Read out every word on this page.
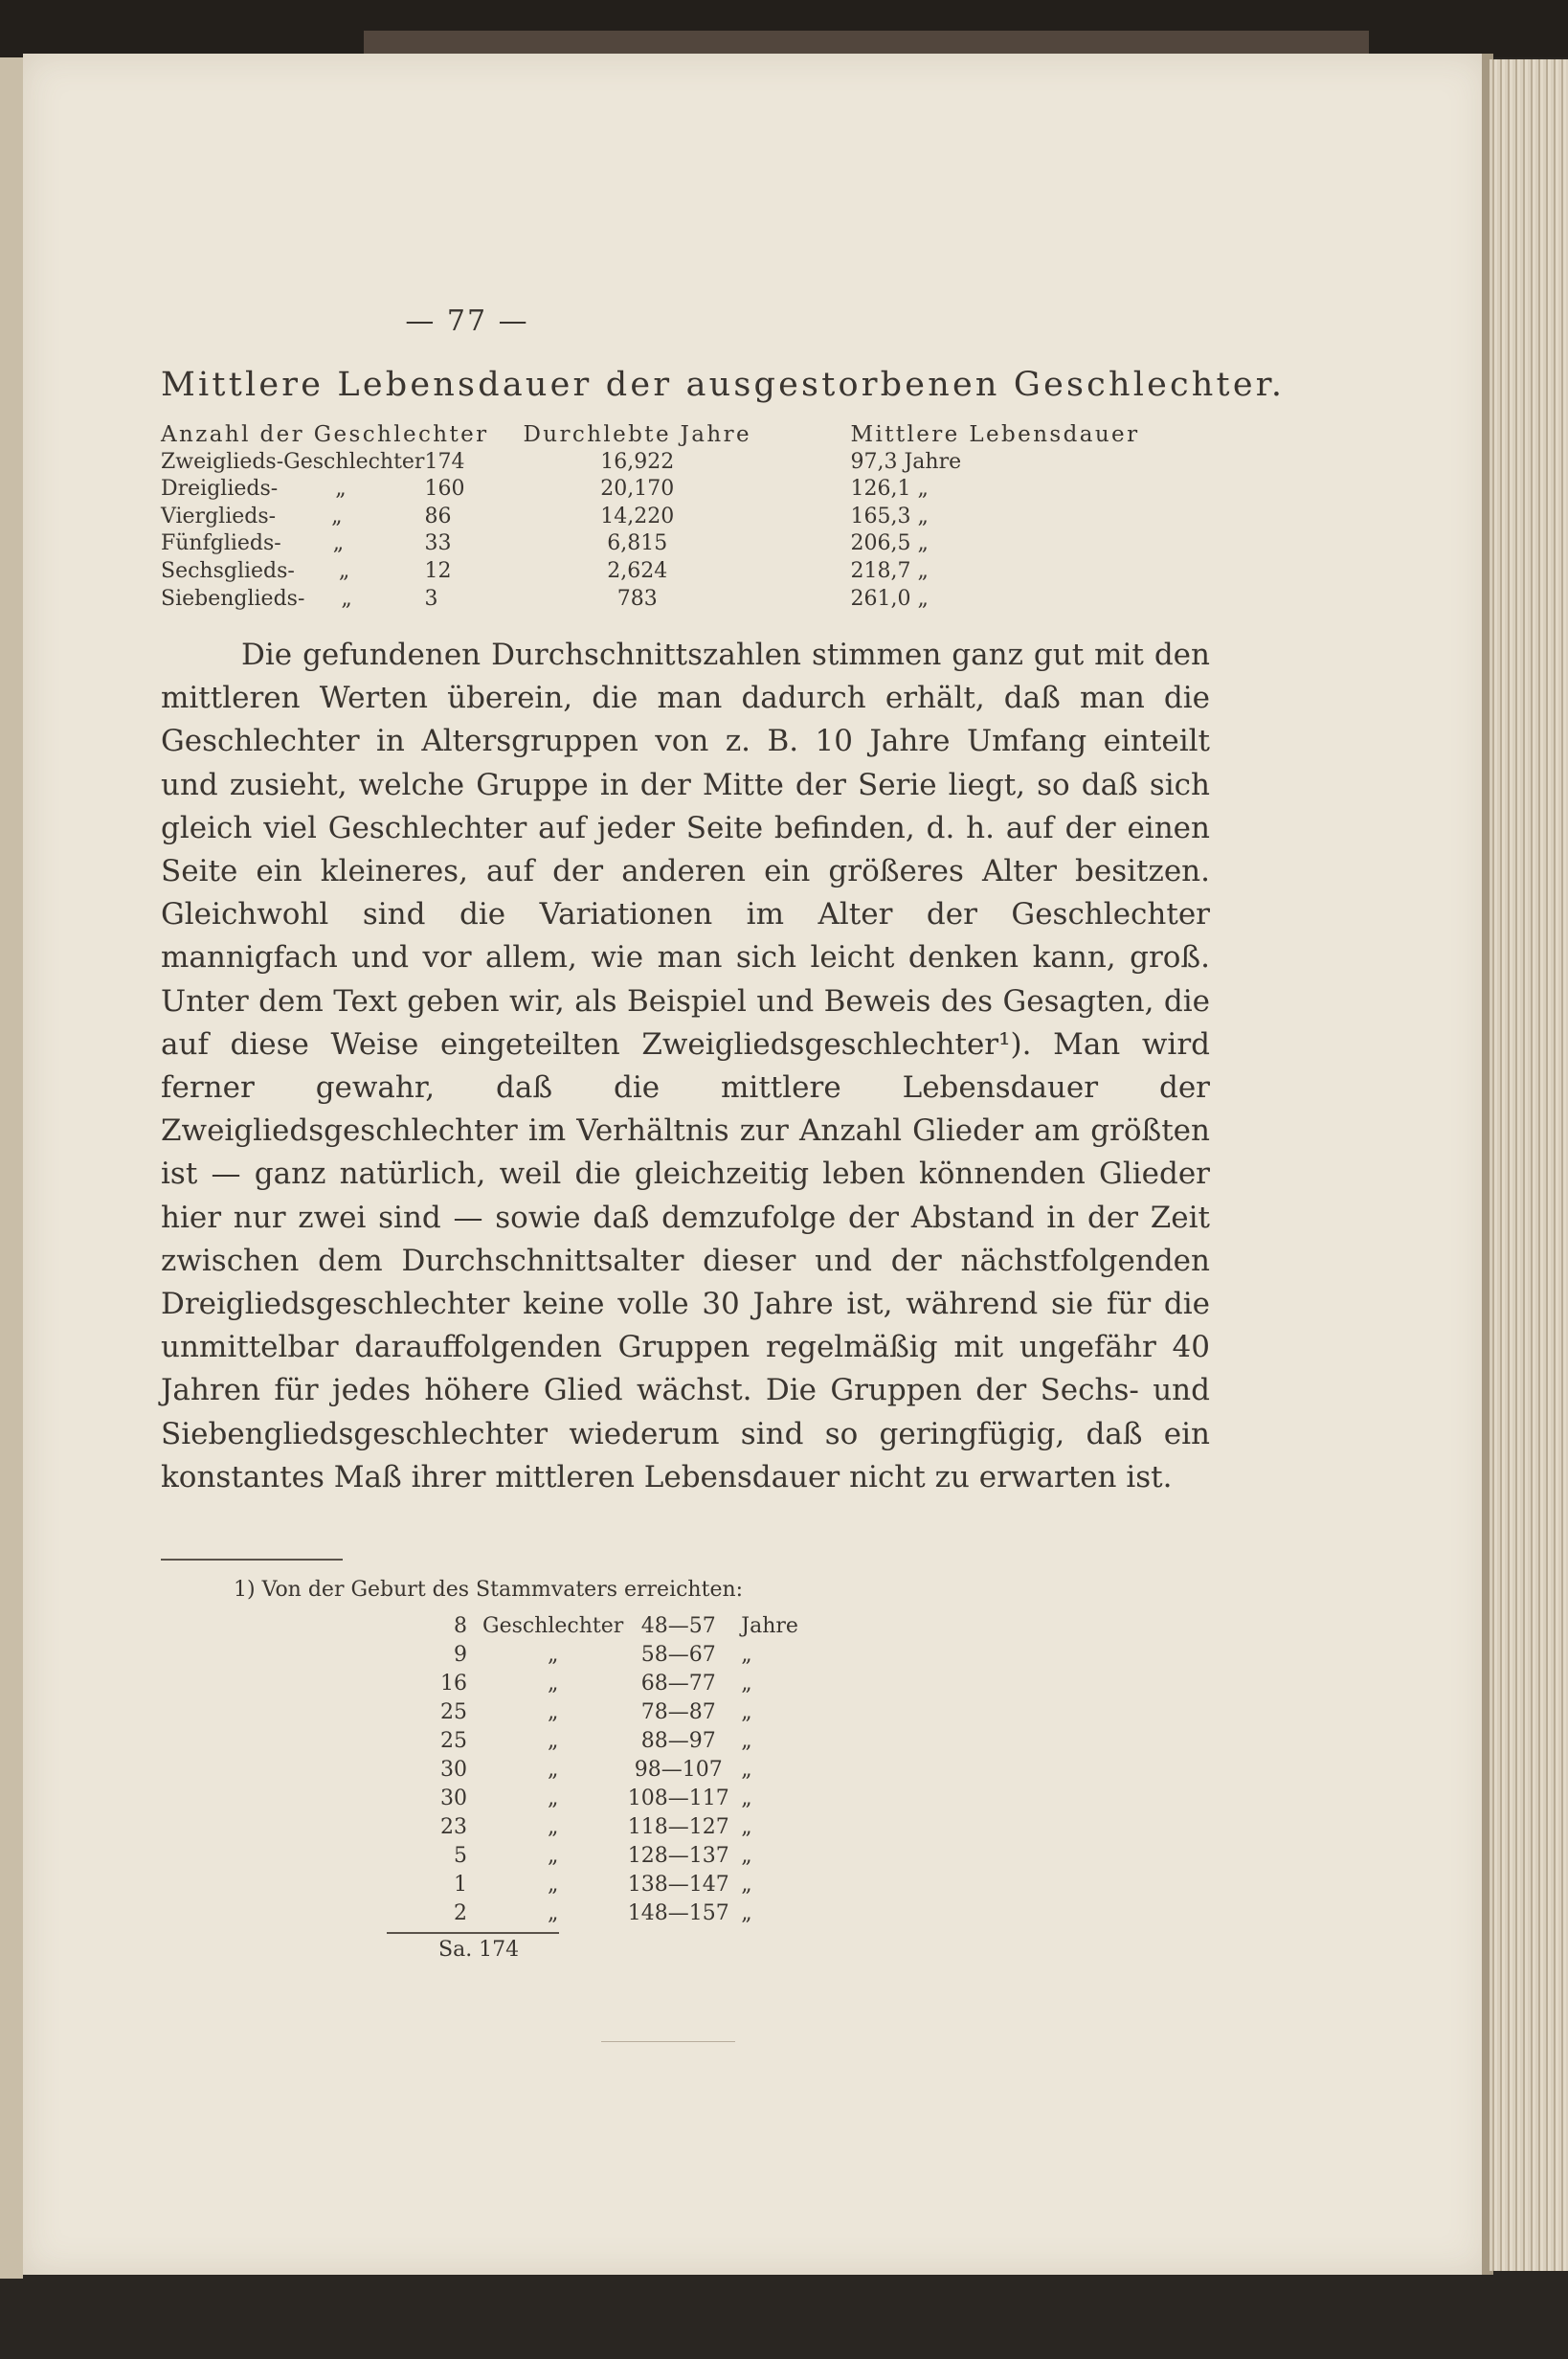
— 77 —
Mittlere Lebensdauer der ausgestorbenen Geschlechter.
Anzahl der Geschlechter		Durchlebte Jahre	Mittlere Lebensdauer
Zweiglieds-Geschlechter	174	16,922	97,3 Jahre
Dreiglieds- „	160	20,170	126,1 „
Vierglieds- „	86	14,220	165,3 „
Fünfglieds- „	33	6,815	206,5 „
Sechsglieds- „	12	2,624	218,7 „
Siebenglieds- „	3	783	261,0 „

Die gefundenen Durchschnittszahlen stimmen ganz gut mit den mittleren Werten überein, die man dadurch erhält, daß man die Geschlechter in Altersgruppen von z. B. 10 Jahre Umfang einteilt und zusieht, welche Gruppe in der Mitte der Serie liegt, so daß sich gleich viel Geschlechter auf jeder Seite befinden, d. h. auf der einen Seite ein kleineres, auf der anderen ein größeres Alter besitzen. Gleichwohl sind die Variationen im Alter der Geschlechter mannigfach und vor allem, wie man sich leicht denken kann, groß. Unter dem Text geben wir, als Beispiel und Beweis des Gesagten, die auf diese Weise eingeteilten Zweigliedsgeschlechter¹). Man wird ferner gewahr, daß die mittlere Lebensdauer der Zweigliedsgeschlechter im Verhältnis zur Anzahl Glieder am größten ist — ganz natürlich, weil die gleichzeitig leben könnenden Glieder hier nur zwei sind — sowie daß demzufolge der Abstand in der Zeit zwischen dem Durchschnittsalter dieser und der nächstfolgenden Dreigliedsgeschlechter keine volle 30 Jahre ist, während sie für die unmittelbar darauffolgenden Gruppen regelmäßig mit ungefähr 40 Jahren für jedes höhere Glied wächst. Die Gruppen der Sechs- und Siebengliedsgeschlechter wiederum sind so geringfügig, daß ein konstantes Maß ihrer mittleren Lebensdauer nicht zu erwarten ist.

1) Von der Geburt des Stammvaters erreichten:
8	Geschlechter	48—57	Jahre
9	„	58—67	„
16	„	68—77	„
25	„	78—87	„
25	„	88—97	„
30	„	98—107	„
30	„	108—117	„
23	„	118—127	„
5	„	128—137	„
1	„	138—147	„
2	„	148—157	„
Sa. 174
